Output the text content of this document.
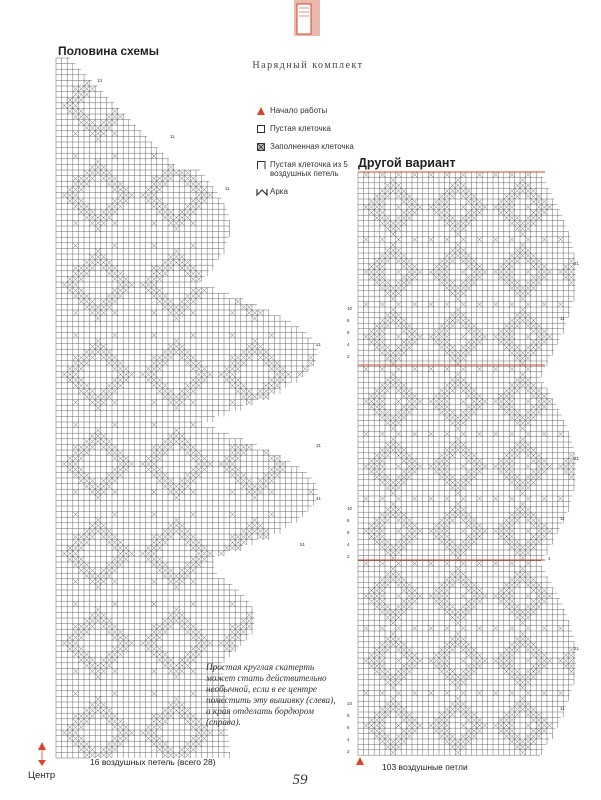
Нарядный комплект
Половина схемы
13
11
11
21
31
41
51
Другой вариант
10
8
6
4
2
10
8
6
4
2
10
8
6
4
2
21
11
21
11
1
21
11
Начало работы
Пустая клеточка
Заполненная клеточка
Пустая клеточка из 5 воздушных петель
Арка
Простая круглая скатерть может стать действительно необычной, если в ее центре поместить эту вышивку (слева), а края отделать бордюром (справа).
16 воздушных петель (всего 28)
Центр
103 воздушные петли
59
